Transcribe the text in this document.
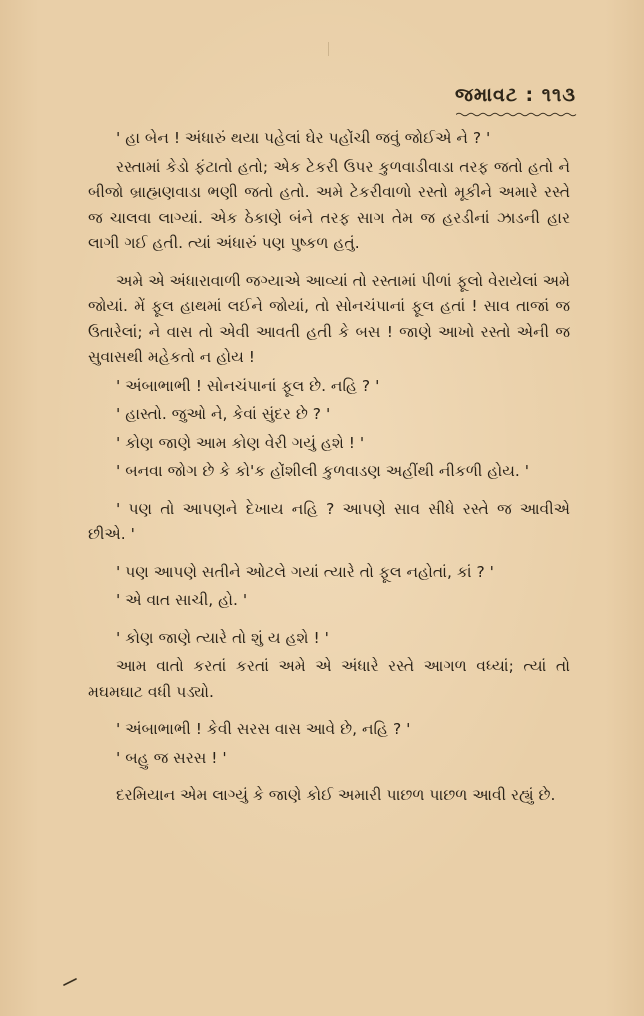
જમાવટ : ૧૧૩

' હા બેન ! અંધારું થયા પહેલાં ઘેર પહોંચી જવું જોઈએ ને ? '

રસ્તામાં કેડો ફંટાતો હતો; એક ટેકરી ઉપર કુળવાડીવાડા તરફ જતો હતો ને બીજો બ્રાહ્મણવાડા ભણી જતો હતો. અમે ટેકરીવાળો રસ્તો મૂકીને અમારે રસ્તે જ ચાલવા લાગ્યાં. એક ઠેકાણે બંને તરફ સાગ તેમ જ હરડીનાં ઝાડની હાર લાગી ગઈ હતી. ત્યાં અંધારું પણ પુષ્કળ હતું.

અમે એ અંધારાવાળી જગ્યાએ આવ્યાં તો રસ્તામાં પીળાં ફૂલો વેરાયેલાં અમે જોયાં. મેં ફૂલ હાથમાં લઈને જોયાં, તો સોનચંપાનાં ફૂલ હતાં ! સાવ તાજાં જ ઉતારેલાં; ને વાસ તો એવી આવતી હતી કે બસ ! જાણે આખો રસ્તો એની જ સુવાસથી મહેકતો ન હોય !

' અંબાભાભી ! સોનચંપાનાં ફૂલ છે. નહિ ? '

' હાસ્તો. જુઓ ને, કેવાં સુંદર છે ? '

' કોણ જાણે આમ કોણ વેરી ગયું હશે ! '

' બનવા જોગ છે કે કો'ક હોંશીલી કુળવાડણ અહીંથી નીકળી હોય. '

' પણ તો આપણને દેખાય નહિ ? આપણે સાવ સીધે રસ્તે જ આવીએ છીએ. '

' પણ આપણે સતીને ઓટલે ગયાં ત્યારે તો ફૂલ નહોતાં, કાં ? '

' એ વાત સાચી, હો. '

' કોણ જાણે ત્યારે તો શું ય હશે ! '

આમ વાતો કરતાં કરતાં અમે એ અંધારે રસ્તે આગળ વધ્યાં; ત્યાં તો મઘમઘાટ વધી પડ્યો.

' અંબાભાભી ! કેવી સરસ વાસ આવે છે, નહિ ? '

' બહુ જ સરસ ! '

દરમિયાન એમ લાગ્યું કે જાણે કોઈ અમારી પાછળ પાછળ આવી રહ્યું છે.
